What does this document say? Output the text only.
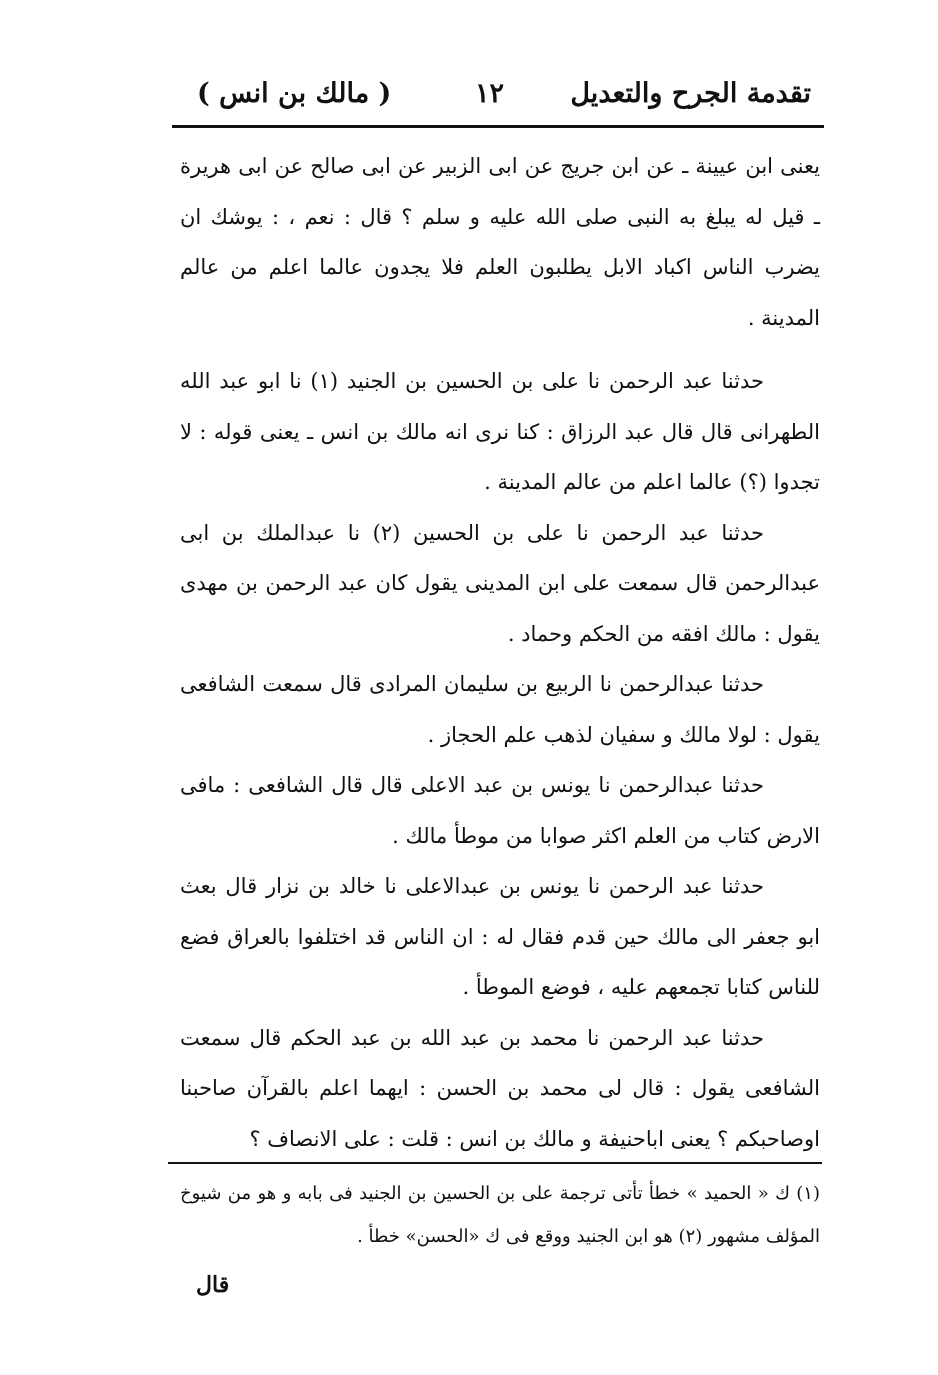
تقدمة الجرح والتعديل
١٢
( مالك بن انس )

يعنى ابن عيينة ـ عن ابن جريج عن ابى الزبير عن ابى صالح عن ابى هريرة ـ قيل له يبلغ به النبى صلى الله عليه و سلم ؟ قال : نعم ، : يوشك ان يضرب الناس اكباد الابل يطلبون العلم فلا يجدون عالما اعلم من عالم المدينة .

حدثنا عبد الرحمن نا على بن الحسين بن الجنيد (١) نا ابو عبد الله الطهرانى قال قال عبد الرزاق : كنا نرى انه مالك بن انس ـ يعنى قوله : لا تجدوا (؟) عالما اعلم من عالم المدينة .

حدثنا عبد الرحمن نا على بن الحسين (٢) نا عبدالملك بن ابى عبدالرحمن قال سمعت على ابن المدينى يقول كان عبد الرحمن بن مهدى يقول : مالك افقه من الحكم وحماد .

حدثنا عبدالرحمن نا الربيع بن سليمان المرادى قال سمعت الشافعى يقول : لولا مالك و سفيان لذهب علم الحجاز .

حدثنا عبدالرحمن نا يونس بن عبد الاعلى قال قال الشافعى : مافى الارض كتاب من العلم اكثر صوابا من موطأ مالك .

حدثنا عبد الرحمن نا يونس بن عبدالاعلى نا خالد بن نزار قال بعث ابو جعفر الى مالك حين قدم فقال له : ان الناس قد اختلفوا بالعراق فضع للناس كتابا تجمعهم عليه ، فوضع الموطأ .

حدثنا عبد الرحمن نا محمد بن عبد الله بن عبد الحكم قال سمعت الشافعى يقول : قال لى محمد بن الحسن : ايهما اعلم بالقرآن صاحبنا اوصاحبكم ؟ يعنى اباحنيفة و مالك بن انس : قلت : على الانصاف ؟

(١) ك « الحميد » خطأ تأتى ترجمة على بن الحسين بن الجنيد فى بابه و هو من شيوخ المؤلف مشهور (٢) هو ابن الجنيد ووقع فى ك «الحسن» خطأ .

قال
